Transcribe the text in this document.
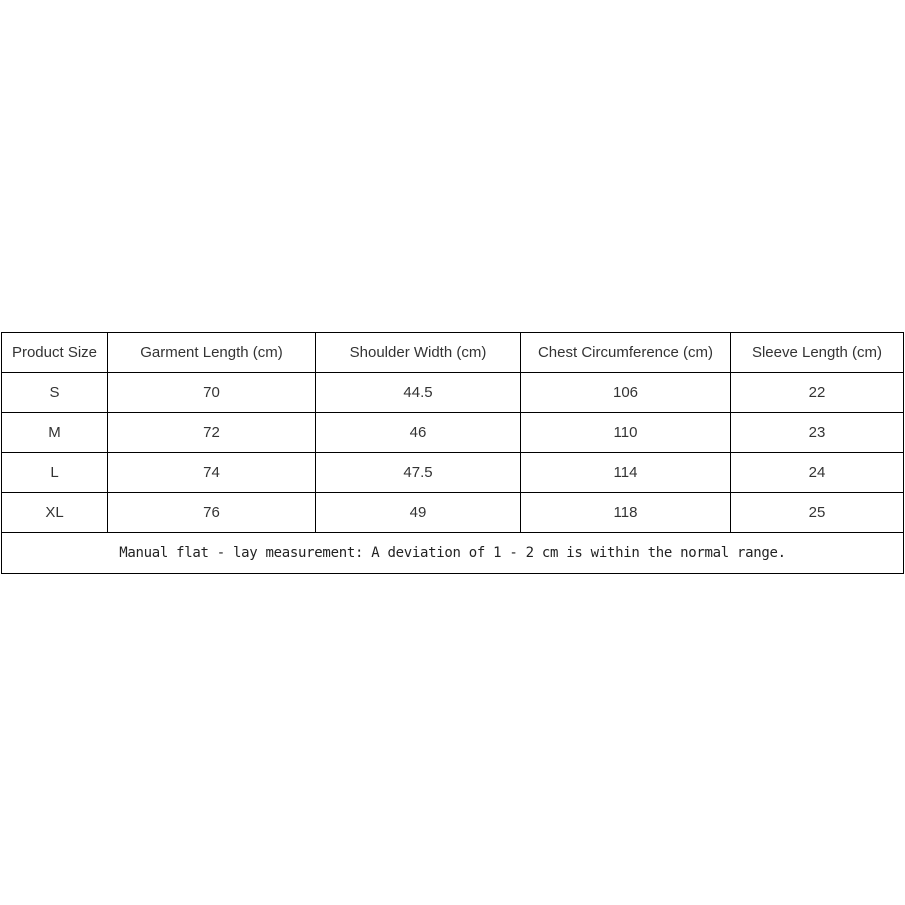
Product Size	Garment Length (cm)	Shoulder Width (cm)	Chest Circumference (cm)	Sleeve Length (cm)
S	70	44.5	106	22
M	72	46	110	23
L	74	47.5	114	24
XL	76	49	118	25
Manual flat - lay measurement: A deviation of 1 - 2 cm is within the normal range.				
